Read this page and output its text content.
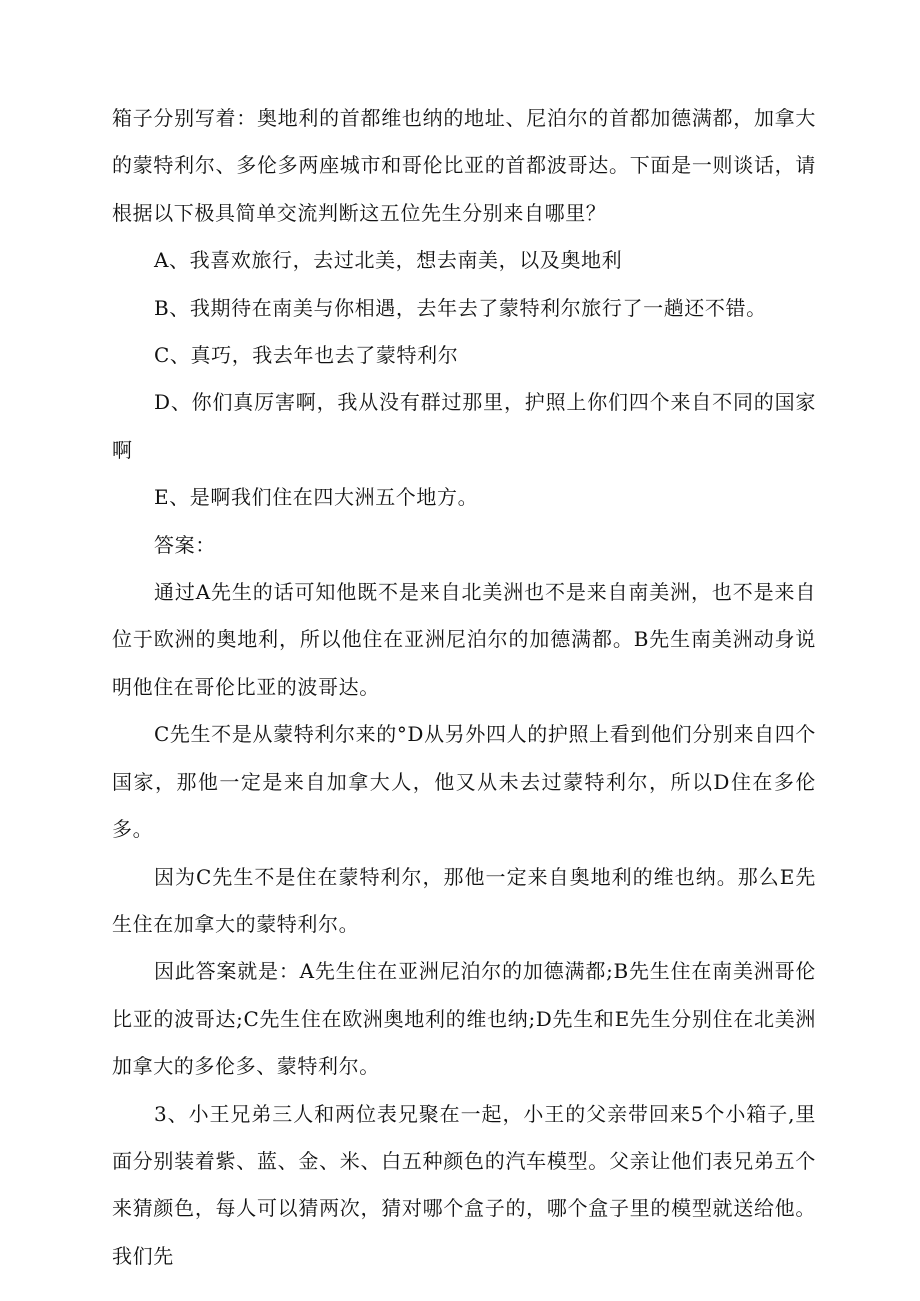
箱子分别写着：奥地利的首都维也纳的地址、尼泊尔的首都加德满都，加拿大的蒙特利尔、多伦多两座城市和哥伦比亚的首都波哥达。下面是一则谈话，请根据以下极具简单交流判断这五位先生分别来自哪里？

A、我喜欢旅行，去过北美，想去南美，以及奥地利

B、我期待在南美与你相遇，去年去了蒙特利尔旅行了一趟还不错。

C、真巧，我去年也去了蒙特利尔

D、你们真厉害啊，我从没有群过那里，护照上你们四个来自不同的国家啊

E、是啊我们住在四大洲五个地方。

答案：

通过A先生的话可知他既不是来自北美洲也不是来自南美洲，也不是来自位于欧洲的奥地利，所以他住在亚洲尼泊尔的加德满都。B先生南美洲动身说明他住在哥伦比亚的波哥达。

C先生不是从蒙特利尔来的°D从另外四人的护照上看到他们分别来自四个国家，那他一定是来自加拿大人，他又从未去过蒙特利尔，所以D住在多伦多。

因为C先生不是住在蒙特利尔，那他一定来自奥地利的维也纳。那么E先生住在加拿大的蒙特利尔。

因此答案就是：A先生住在亚洲尼泊尔的加德满都;B先生住在南美洲哥伦比亚的波哥达;C先生住在欧洲奥地利的维也纳;D先生和E先生分别住在北美洲加拿大的多伦多、蒙特利尔。

3、小王兄弟三人和两位表兄聚在一起，小王的父亲带回来5个小箱子,里面分别装着紫、蓝、金、米、白五种颜色的汽车模型。父亲让他们表兄弟五个来猜颜色，每人可以猜两次，猜对哪个盒子的，哪个盒子里的模型就送给他。我们先
